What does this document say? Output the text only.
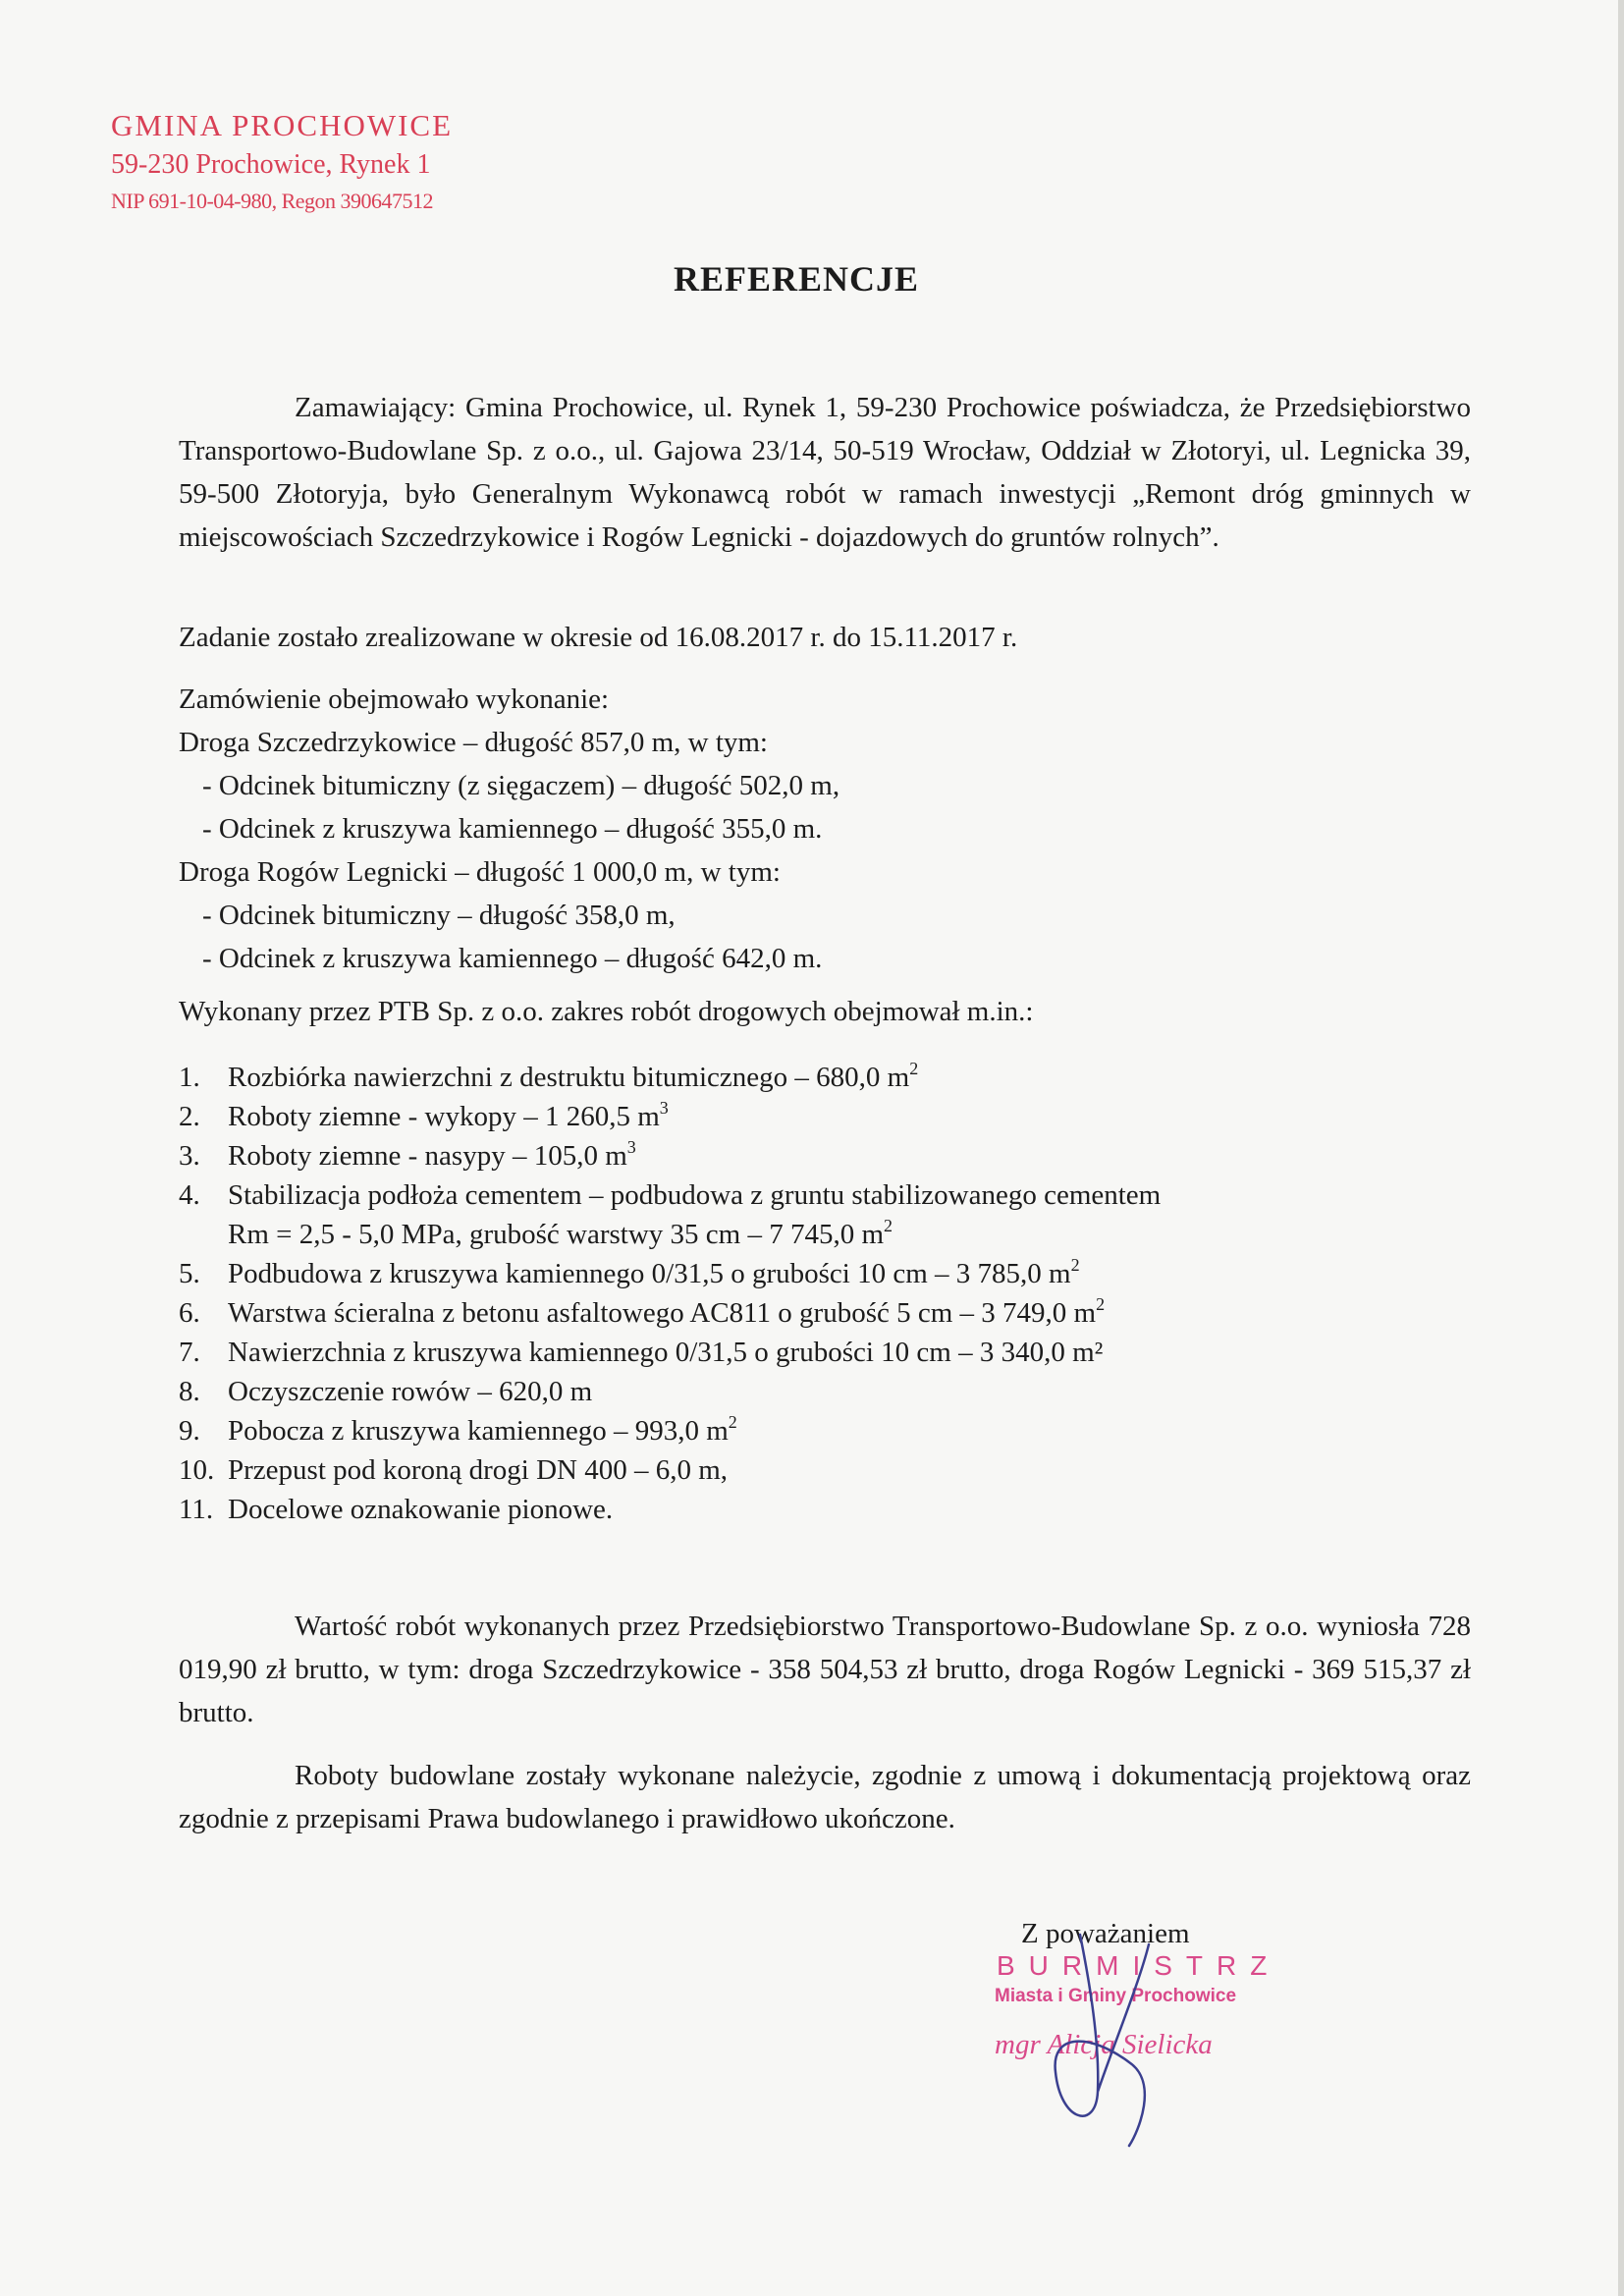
GMINA PROCHOWICE
59-230 Prochowice, Rynek 1
NIP 691-10-04-980, Regon 390647512
REFERENCJE
Zamawiający: Gmina Prochowice, ul. Rynek 1, 59-230 Prochowice poświadcza, że Przedsiębiorstwo Transportowo-Budowlane Sp. z o.o., ul. Gajowa 23/14, 50-519 Wrocław, Oddział w Złotoryi, ul. Legnicka 39, 59-500 Złotoryja, było Generalnym Wykonawcą robót w ramach inwestycji „Remont dróg gminnych w miejscowościach Szczedrzykowice i Rogów Legnicki - dojazdowych do gruntów rolnych”.
Zadanie zostało zrealizowane w okresie od 16.08.2017 r. do 15.11.2017 r.
Zamówienie obejmowało wykonanie:
Droga Szczedrzykowice – długość 857,0 m, w tym:
- Odcinek bitumiczny (z sięgaczem) – długość 502,0 m,
- Odcinek z kruszywa kamiennego – długość 355,0 m.
Droga Rogów Legnicki – długość 1 000,0 m, w tym:
- Odcinek bitumiczny – długość 358,0 m,
- Odcinek z kruszywa kamiennego – długość 642,0 m.
Wykonany przez PTB Sp. z o.o. zakres robót drogowych obejmował m.in.:
1. Rozbiórka nawierzchni z destruktu bitumicznego – 680,0 $m^2$
2. Roboty ziemne - wykopy – 1 260,5 $m^3$
3. Roboty ziemne - nasypy – 105,0 $m^3$
4. Stabilizacja podłoża cementem – podbudowa z gruntu stabilizowanego cementem
Rm = 2,5 - 5,0 MPa, grubość warstwy 35 cm – 7 745,0 $m^2$
5. Podbudowa z kruszywa kamiennego 0/31,5 o grubości 10 cm – 3 785,0 $m^2$
6. Warstwa ścieralna z betonu asfaltowego AC811 o grubość 5 cm – 3 749,0 $m^2$
7. Nawierzchnia z kruszywa kamiennego 0/31,5 o grubości 10 cm – 3 340,0 m²
8. Oczyszczenie rowów – 620,0 m
9. Pobocza z kruszywa kamiennego – 993,0 $m^2$
10. Przepust pod koroną drogi DN 400 – 6,0 m,
11. Docelowe oznakowanie pionowe.
Wartość robót wykonanych przez Przedsiębiorstwo Transportowo-Budowlane Sp. z o.o. wyniosła 728 019,90 zł brutto, w tym: droga Szczedrzykowice - 358 504,53 zł brutto, droga Rogów Legnicki - 369 515,37 zł brutto.
Roboty budowlane zostały wykonane należycie, zgodnie z umową i dokumentacją projektową oraz zgodnie z przepisami Prawa budowlanego i prawidłowo ukończone.
Z poważaniem
BURMISTRZ
Miasta i Gminy Prochowice
mgr Alicja Sielicka
